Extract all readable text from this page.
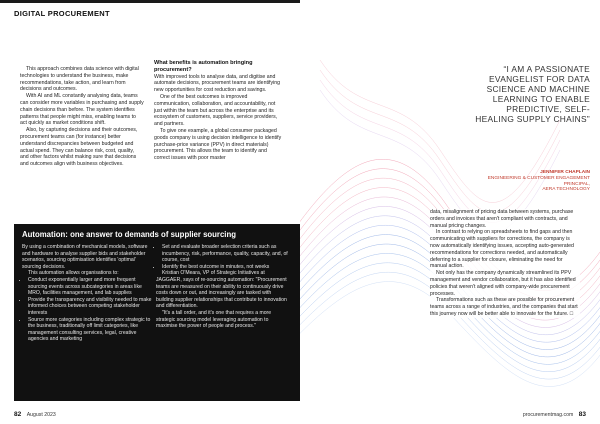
DIGITAL PROCUREMENT

This approach combines data science with digital technologies to understand the business, make recommendations, take action, and learn from decisions and outcomes.

With AI and ML constantly analysing data, teams can consider more variables in purchasing and supply chain decisions than before. The system identifies patterns that people might miss, enabling teams to act quickly as market conditions shift.

Also, by capturing decisions and their outcomes, procurement teams can (for instance) better understand discrepancies between budgeted and actual spend. They can balance risk, cost, quality, and other factors whilst making sure that decisions and outcomes align with business objectives.

What benefits is automation bringing procurement?

With improved tools to analyse data, and digitise and automate decisions, procurement teams are identifying new opportunities for cost reduction and savings.

One of the best outcomes is improved communication, collaboration, and accountability, not just within the team but across the enterprise and its ecosystem of customers, suppliers, service providers, and partners.

To give one example, a global consumer packaged goods company is using decision intelligence to identify purchase-price variance (PPV) in direct materials) procurement. This allows the team to identify and correct issues with poor master

Automation: one answer to demands of supplier sourcing

By using a combination of mechanical models, software and hardware to analyse supplier bids and stakeholder scenarios, sourcing optimisation identifies 'optimal' sourcing decisions.

This automation allows organisations to:

• Conduct exponentially larger and more frequent sourcing events across subcategories in areas like MRO, facilities management, and lab supplies
• Provide the transparency and visibility needed to make informed choices between competing stakeholder interests
• Source more categories including complex strategic to the business, traditionally off limit categories, like management consulting services, legal, creative agencies and marketing
• Set and evaluate broader selection criteria such as incumbency, risk, performance, quality, capacity, and, of course, cost
• Identify the best outcome in minutes, not weeks

Kristian O'Meara, VP of Strategic Initiatives at JAGGAER, says of re-sourcing automation: "Procurement teams are measured on their ability to continuously drive costs down or out, and increasingly are tasked with building supplier relationships that contribute to innovation and differentiation.

"It's a tall order, and it's one that requires a more strategic sourcing model leveraging automation to maximise the power of people and process."

82 August 2023
“I AM A PASSIONATE EVANGELIST FOR DATA SCIENCE AND MACHINE LEARNING TO ENABLE PREDICTIVE, SELF-HEALING SUPPLY CHAINS”
JENNIFER CHAPLAIN
ENGINEERING & CUSTOMER ENGAGEMENT PRINCIPAL,
AERA TECHNOLOGY

data, misalignment of pricing data between systems, purchase orders and invoices that aren't compliant with contracts, and manual pricing changes.

In contrast to relying on spreadsheets to find gaps and then communicating with suppliers for corrections, the company is now automatically identifying issues, accepting auto-generated recommendations for corrections needed, and automatically deferring to a supplier for closure, eliminating the need for manual action.

Not only has the company dynamically streamlined its PPV management and vendor collaboration, but it has also identified policies that weren't aligned with company-wide procurement processes.

Transformations such as these are possible for procurement teams across a range of industries, and the companies that start this journey now will be better able to innovate for the future. □

procurementmag.com 83
